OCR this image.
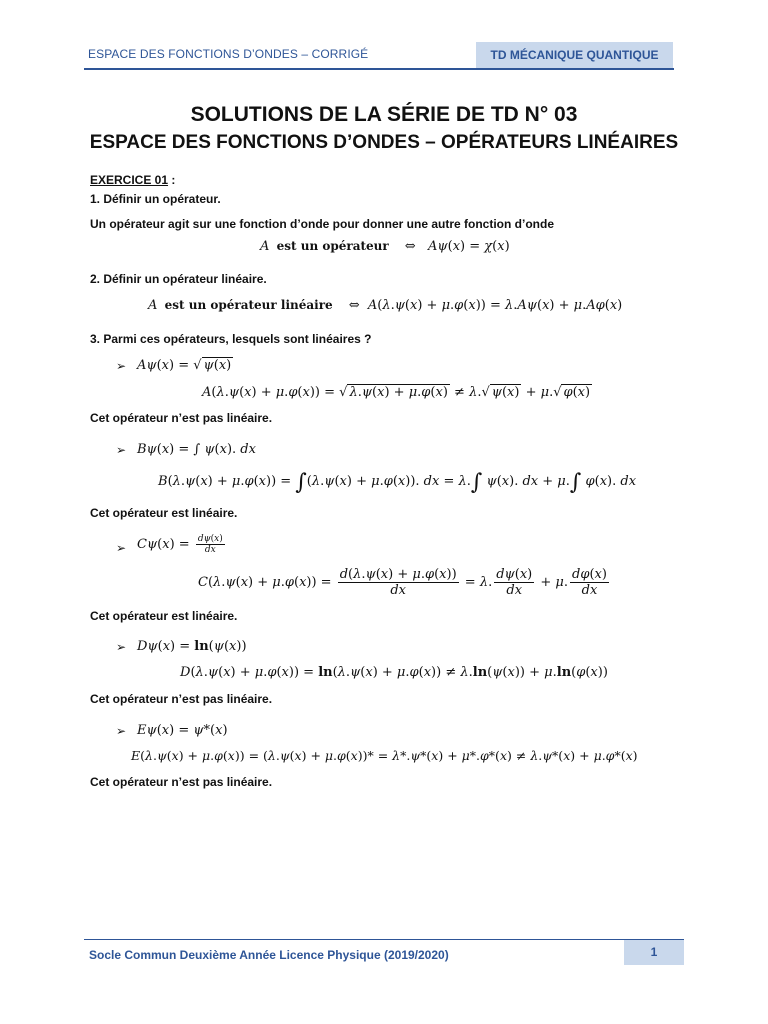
ESPACE DES FONCTIONS D’ONDES – CORRIGÉ	TD MÉCANIQUE QUANTIQUE
SOLUTIONS DE LA SÉRIE DE TD N° 03
ESPACE DES FONCTIONS D’ONDES – OPÉRATEURS LINÉAIRES
EXERCICE 01 :
1. Définir un opérateur.
Un opérateur agit sur une fonction d’onde pour donner une autre fonction d’onde
A est un opérateur    ⇔   Aψ(x) = χ(x)
2. Définir un opérateur linéaire.
A est un opérateur linéaire    ⇔  A(λ.ψ(x) + μ.φ(x)) = λ.Aψ(x) + μ.Aφ(x)
3. Parmi ces opérateurs, lesquels sont linéaires ?
➢ Aψ(x) = √ ψ(x)
A(λ.ψ(x) + μ.φ(x)) = √ λ.ψ(x) + μ.φ(x) ≠ λ.√ ψ(x) + μ.√ φ(x)
Cet opérateur n’est pas linéaire.
➢ Bψ(x) = ∫ ψ(x). dx
B(λ.ψ(x) + μ.φ(x)) = ∫(λ.ψ(x) + μ.φ(x)). dx = λ.∫ ψ(x). dx + μ.∫ φ(x). dx
Cet opérateur est linéaire.
➢ $C\psi(x) = \frac{d\psi(x)}{dx}$
$C(\lambda.\psi(x) + \mu.\varphi(x)) = \frac{d(\lambda.\psi(x) + \mu.\varphi(x))}{dx} = \lambda$. $\frac{d\psi(x)}{dx} + \mu$. $\frac{d\varphi(x)}{dx}$
Cet opérateur est linéaire.
➢ Dψ(x) = ln(ψ(x))
D(λ.ψ(x) + μ.φ(x)) = ln(λ.ψ(x) + μ.φ(x)) ≠ λ.ln(ψ(x)) + μ.ln(φ(x))
Cet opérateur n’est pas linéaire.
➢ Eψ(x) = ψ*(x)
E(λ.ψ(x) + μ.φ(x)) = (λ.ψ(x) + μ.φ(x))* = λ*.ψ*(x) + μ*.φ*(x) ≠ λ.ψ*(x) + μ.φ*(x)
Cet opérateur n’est pas linéaire.
Socle Commun Deuxième Année Licence Physique (2019/2020)	1
